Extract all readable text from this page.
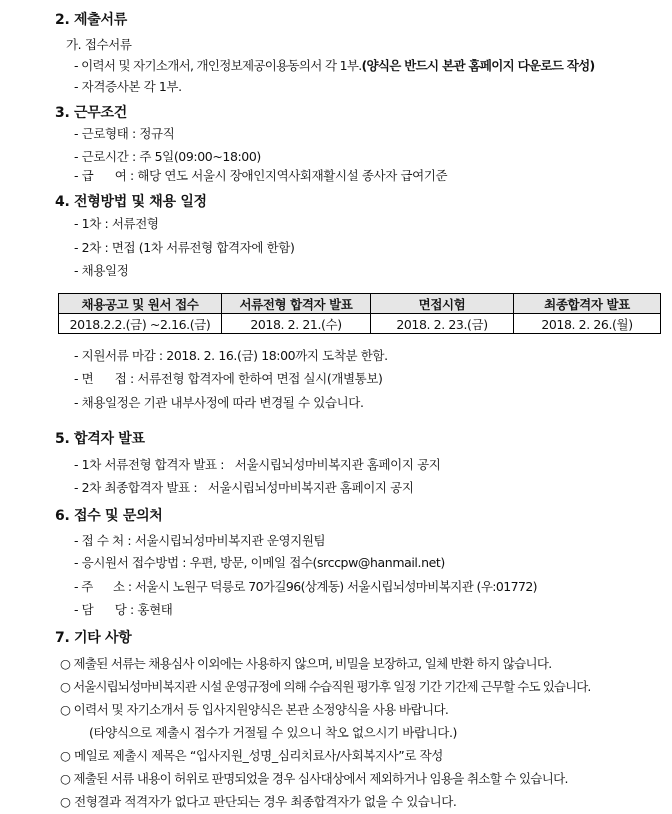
2. 제출서류
가. 접수서류
- 이력서 및 자기소개서, 개인정보제공이용동의서 각 1부.(양식은 반드시 본관 홈페이지 다운로드 작성)
- 자격증사본 각 1부.
3. 근무조건
- 근로형태 : 정규직
- 근로시간 : 주 5일(09:00~18:00)
- 급      여 : 해당 연도 서울시 장애인지역사회재활시설 종사자 급여기준
4. 전형방법 및 채용 일정
- 1차 : 서류전형
- 2차 : 면접 (1차 서류전형 합격자에 한함)
- 채용일정
채용공고 및 원서 접수	서류전형 합격자 발표	면접시험	최종합격자 발표
2018.2.2.(금) ~2.16.(금)	2018. 2. 21.(수)	2018. 2. 23.(금)	2018. 2. 26.(월)
- 지원서류 마감 : 2018. 2. 16.(금) 18:00까지 도착분 한함.
- 면      접 : 서류전형 합격자에 한하여 면접 실시(개별통보)
- 채용일정은 기관 내부사정에 따라 변경될 수 있습니다.
5. 합격자 발표
- 1차 서류전형 합격자 발표 :   서울시립뇌성마비복지관 홈페이지 공지
- 2차 최종합격자 발표 :   서울시립뇌성마비복지관 홈페이지 공지
6. 접수 및 문의처
- 접 수 처 : 서울시립뇌성마비복지관 운영지원팀
- 응시원서 접수방법 : 우편, 방문, 이메일 접수(srccpw@hanmail.net)
- 주      소 : 서울시 노원구 덕릉로 70가길96(상계동) 서울시립뇌성마비복지관 (우:01772)
- 담      당 : 홍현태
7. 기타 사항
○ 제출된 서류는 채용심사 이외에는 사용하지 않으며, 비밀을 보장하고, 일체 반환 하지 않습니다.
○ 서울시립뇌성마비복지관 시설 운영규정에 의해 수습직원 평가후 일정 기간 기간제 근무할 수도 있습니다.
○ 이력서 및 자기소개서 등 입사지원양식은 본관 소정양식을 사용 바랍니다.
(타양식으로 제출시 접수가 거절될 수 있으니 착오 없으시기 바랍니다.)
○ 메일로 제출시 제목은 “입사지원_성명_심리치료사/사회복지사”로 작성
○ 제출된 서류 내용이 허위로 판명되었을 경우 심사대상에서 제외하거나 임용을 취소할 수 있습니다.
○ 전형결과 적격자가 없다고 판단되는 경우 최종합격자가 없을 수 있습니다.
